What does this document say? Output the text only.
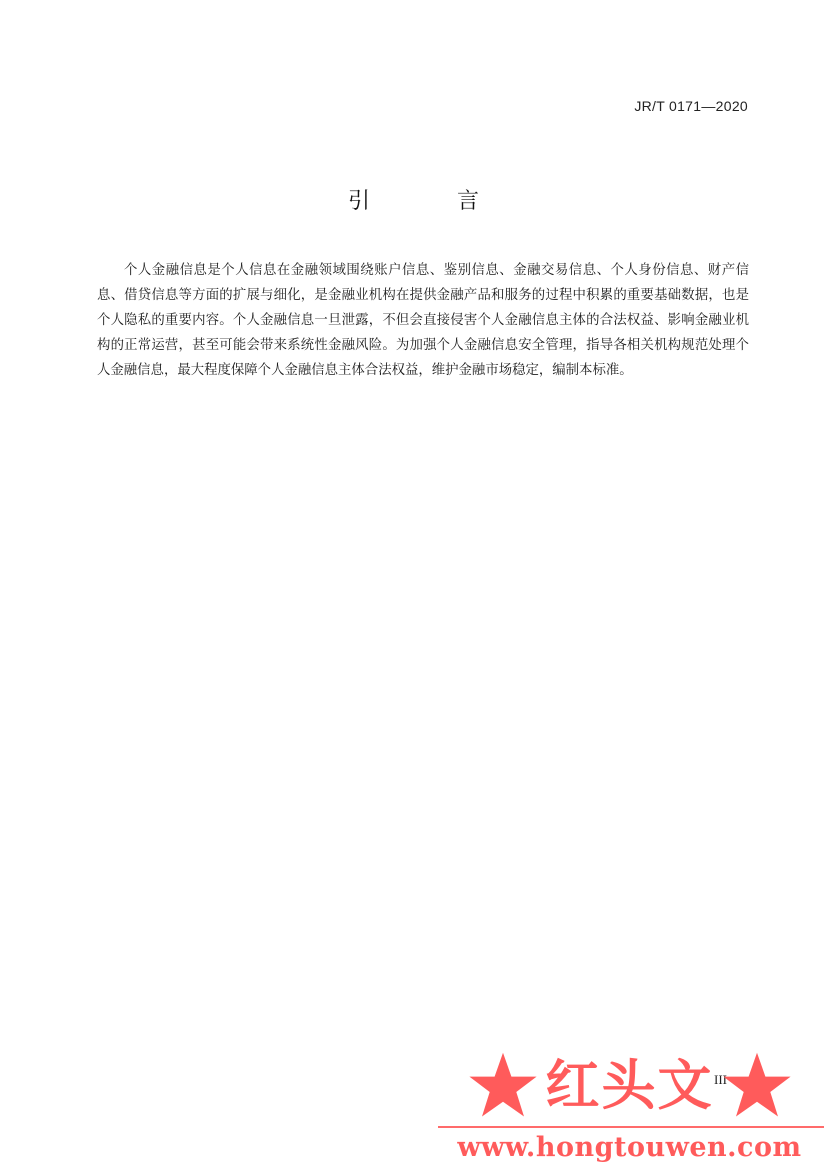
JR/T 0171—2020
引 言
个人金融信息是个人信息在金融领域围绕账户信息、鉴别信息、金融交易信息、个人身份信息、财产信息、借贷信息等方面的扩展与细化，是金融业机构在提供金融产品和服务的过程中积累的重要基础数据，也是个人隐私的重要内容。个人金融信息一旦泄露，不但会直接侵害个人金融信息主体的合法权益、影响金融业机构的正常运营，甚至可能会带来系统性金融风险。为加强个人金融信息安全管理，指导各相关机构规范处理个人金融信息，最大程度保障个人金融信息主体合法权益，维护金融市场稳定，编制本标准。
III
红头文
www.hongtouwen.com
